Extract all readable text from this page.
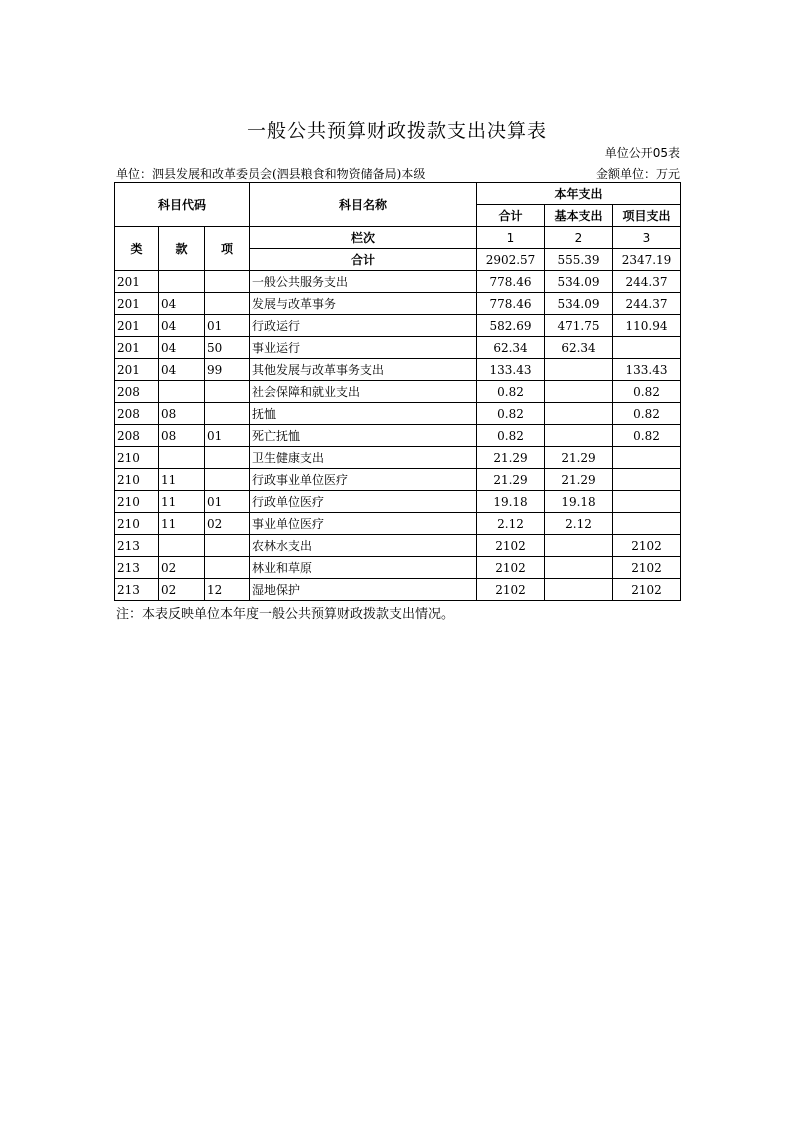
一般公共预算财政拨款支出决算表
单位公开05表
单位：泗县发展和改革委员会(泗县粮食和物资储备局)本级	金额单位：万元
科目代码			科目名称	本年支出		
				合计	基本支出	项目支出
类	款	项	栏次	1	2	3
			合计	2902.57	555.39	2347.19
201			一般公共服务支出	778.46	534.09	244.37
201	04		发展与改革事务	778.46	534.09	244.37
201	04	01	行政运行	582.69	471.75	110.94
201	04	50	事业运行	62.34	62.34	
201	04	99	其他发展与改革事务支出	133.43		133.43
208			社会保障和就业支出	0.82		0.82
208	08		抚恤	0.82		0.82
208	08	01	死亡抚恤	0.82		0.82
210			卫生健康支出	21.29	21.29	
210	11		行政事业单位医疗	21.29	21.29	
210	11	01	行政单位医疗	19.18	19.18	
210	11	02	事业单位医疗	2.12	2.12	
213			农林水支出	2102		2102
213	02		林业和草原	2102		2102
213	02	12	湿地保护	2102		2102
注：本表反映单位本年度一般公共预算财政拨款支出情况。
